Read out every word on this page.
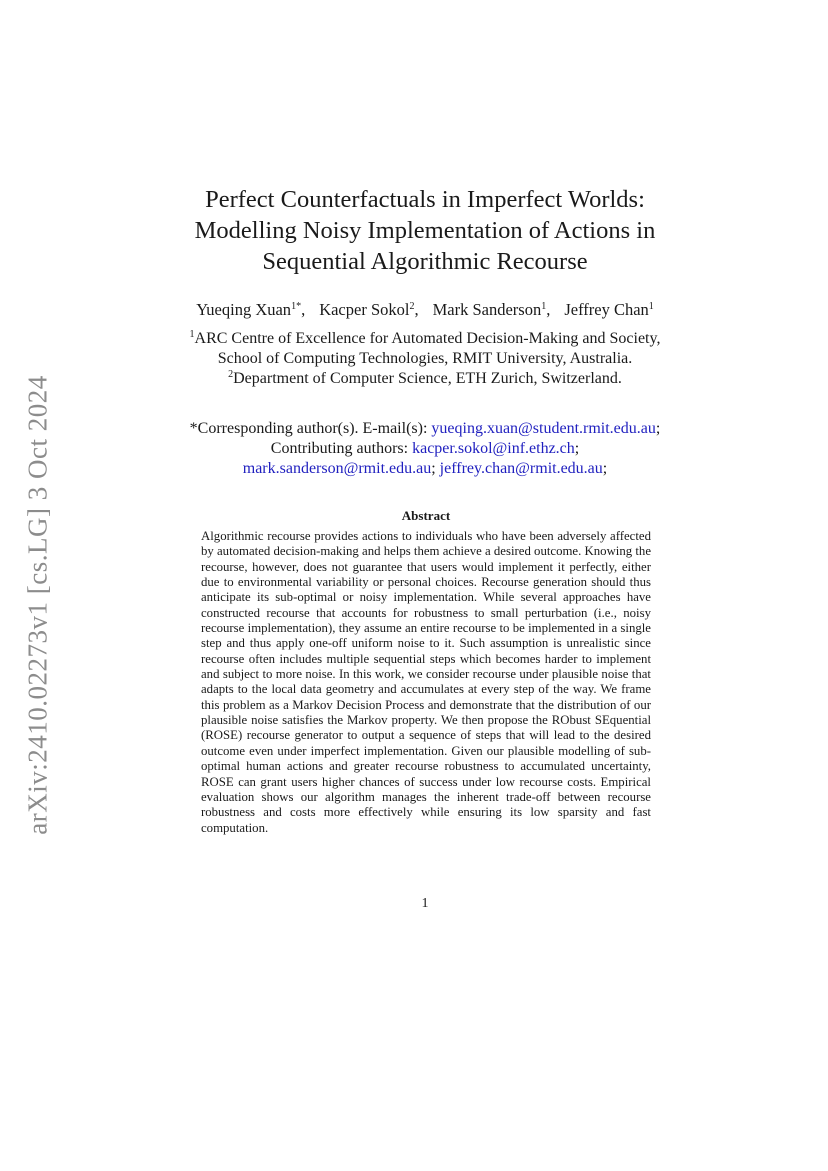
arXiv:2410.02273v1 [cs.LG] 3 Oct 2024
Perfect Counterfactuals in Imperfect Worlds:
Modelling Noisy Implementation of Actions in
Sequential Algorithmic Recourse
Yueqing Xuan$^{1*}$, Kacper Sokol$^2$, Mark Sanderson$^1$, Jeffrey Chan$^1$
$^1$ARC Centre of Excellence for Automated Decision-Making and Society,
School of Computing Technologies, RMIT University, Australia.
$^2$Department of Computer Science, ETH Zurich, Switzerland.
*Corresponding author(s). E-mail(s): yueqing.xuan@student.rmit.edu.au;
Contributing authors: kacper.sokol@inf.ethz.ch;
mark.sanderson@rmit.edu.au; jeffrey.chan@rmit.edu.au;
Abstract
Algorithmic recourse provides actions to individuals who have been adversely affected by automated decision-making and helps them achieve a desired outcome. Knowing the recourse, however, does not guarantee that users would implement it perfectly, either due to environmental variability or personal choices. Recourse generation should thus anticipate its sub-optimal or noisy implementation. While several approaches have constructed recourse that accounts for robustness to small perturbation (i.e., noisy recourse implementation), they assume an entire recourse to be implemented in a single step and thus apply one-off uniform noise to it. Such assumption is unrealistic since recourse often includes multiple sequential steps which becomes harder to implement and subject to more noise. In this work, we consider recourse under plausible noise that adapts to the local data geometry and accumulates at every step of the way. We frame this problem as a Markov Decision Process and demonstrate that the distribution of our plausible noise satisfies the Markov property. We then propose the RObust SEquential (ROSE) recourse generator to output a sequence of steps that will lead to the desired outcome even under imperfect implementation. Given our plausible modelling of sub-optimal human actions and greater recourse robustness to accumulated uncertainty, ROSE can grant users higher chances of success under low recourse costs. Empirical evaluation shows our algorithm manages the inherent trade-off between recourse robustness and costs more effectively while ensuring its low sparsity and fast computation.
1
